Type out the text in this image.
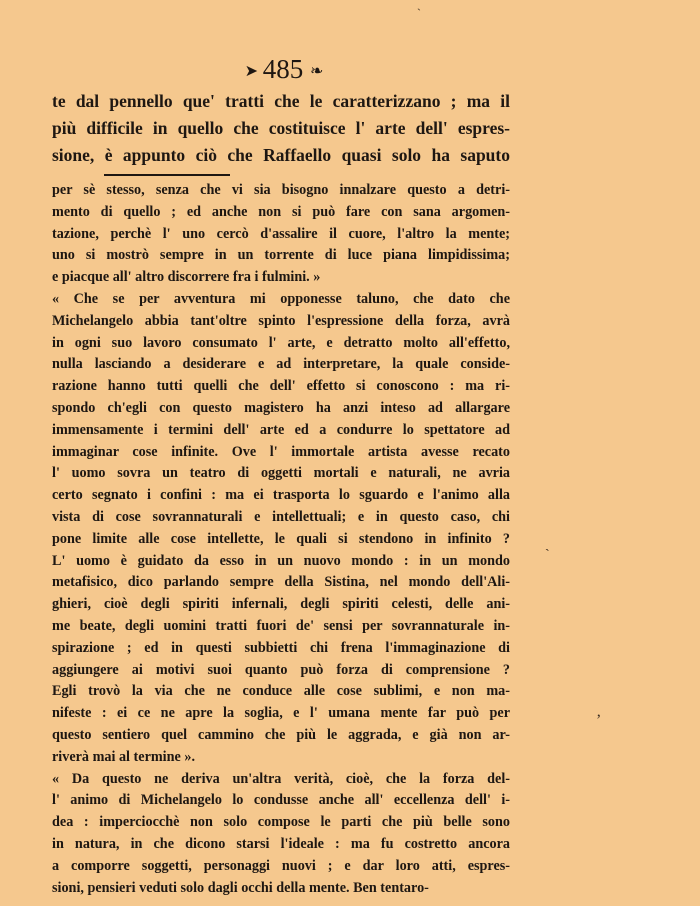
ˋ
ˎ
ʼ
➤ 485 ❧
te dal pennello que' tratti che le caratterizzano ; ma il
più difficile in quello che costituisce l' arte dell' espres-
sione, è appunto ciò che Raffaello quasi solo ha saputo
per sè stesso, senza che vi sia bisogno innalzare questo a detri-
mento di quello ; ed anche non si può fare con sana argomen-
tazione, perchè l' uno cercò d'assalire il cuore, l'altro la mente;
uno si mostrò sempre in un torrente di luce piana limpidissima;
e piacque all' altro discorrere fra i fulmini. »
« Che se per avventura mi opponesse taluno, che dato che
Michelangelo abbia tant'oltre spinto l'espressione della forza, avrà
in ogni suo lavoro consumato l' arte, e detratto molto all'effetto,
nulla lasciando a desiderare e ad interpretare, la quale conside-
razione hanno tutti quelli che dell' effetto si conoscono : ma ri-
spondo ch'egli con questo magistero ha anzi inteso ad allargare
immensamente i termini dell' arte ed a condurre lo spettatore ad
immaginar cose infinite. Ove l' immortale artista avesse recato
l' uomo sovra un teatro di oggetti mortali e naturali, ne avria
certo segnato i confini : ma ei trasporta lo sguardo e l'animo alla
vista di cose sovrannaturali e intellettuali; e in questo caso, chi
pone limite alle cose intellette, le quali si stendono in infinito ?
L' uomo è guidato da esso in un nuovo mondo : in un mondo
metafisico, dico parlando sempre della Sistina, nel mondo dell'Ali-
ghieri, cioè degli spiriti infernali, degli spiriti celesti, delle ani-
me beate, degli uomini tratti fuori de' sensi per sovrannaturale in-
spirazione ; ed in questi subbietti chi frena l'immaginazione di
aggiungere ai motivi suoi quanto può forza di comprensione ?
Egli trovò la via che ne conduce alle cose sublimi, e non ma-
nifeste : ei ce ne apre la soglia, e l' umana mente far può per
questo sentiero quel cammino che più le aggrada, e già non ar-
riverà mai al termine ».
« Da questo ne deriva un'altra verità, cioè, che la forza del-
l' animo di Michelangelo lo condusse anche all' eccellenza dell' i-
dea : imperciocchè non solo compose le parti che più belle sono
in natura, in che dicono starsi l'ideale : ma fu costretto ancora
a comporre soggetti, personaggi nuovi ; e dar loro atti, espres-
sioni, pensieri veduti solo dagli occhi della mente. Ben tentaro-
